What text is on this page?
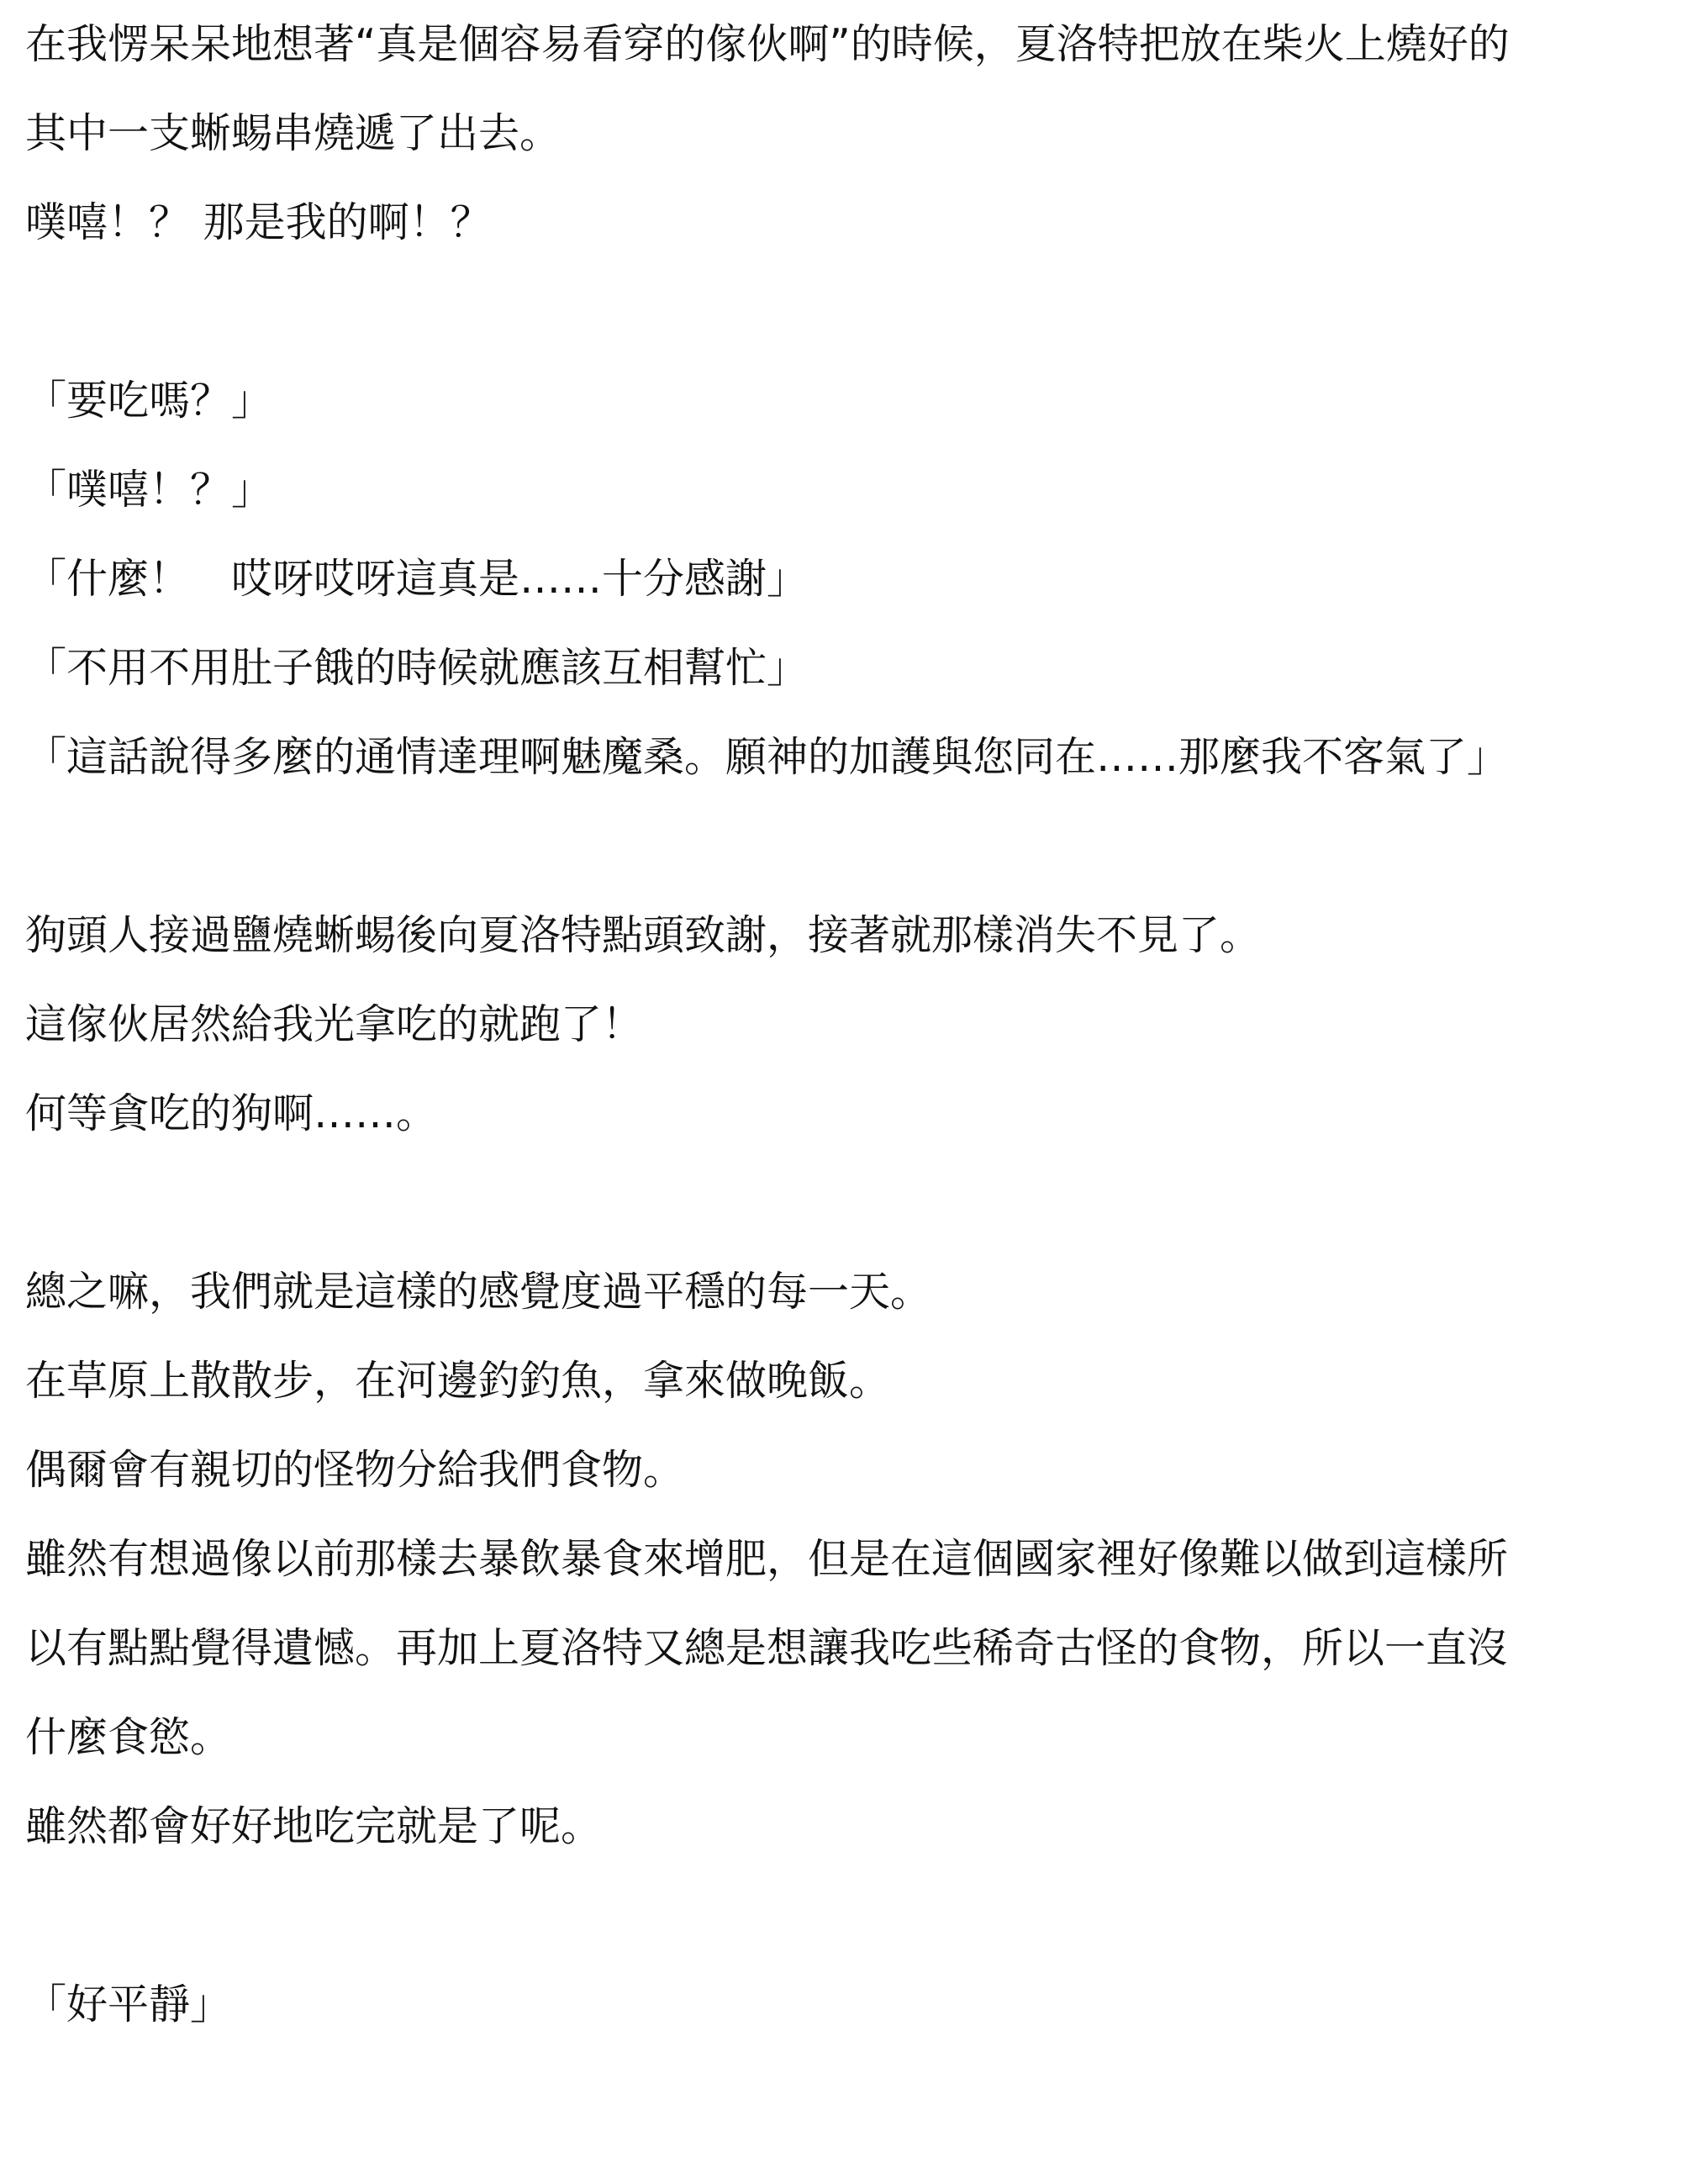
在我愣呆呆地想著“真是個容易看穿的傢伙啊”的時候，夏洛特把放在柴火上燒好的

其中一支蜥蜴串燒遞了出去。

噗嘻！？ 那是我的啊！？

「要吃嗎？」

「噗嘻！？」

「什麼！　哎呀哎呀這真是……十分感謝」

「不用不用肚子餓的時候就應該互相幫忙」

「這話說得多麼的通情達理啊魅魔桑。願神的加護與您同在……那麼我不客氣了」

狗頭人接過鹽燒蜥蜴後向夏洛特點頭致謝，接著就那樣消失不見了。

這傢伙居然給我光拿吃的就跑了！

何等貪吃的狗啊……。

總之嘛，我們就是這樣的感覺度過平穩的每一天。

在草原上散散步，在河邊釣釣魚，拿來做晚飯。

偶爾會有親切的怪物分給我們食物。

雖然有想過像以前那樣去暴飲暴食來增肥，但是在這個國家裡好像難以做到這樣所

以有點點覺得遺憾。再加上夏洛特又總是想讓我吃些稀奇古怪的食物，所以一直沒

什麼食慾。

雖然都會好好地吃完就是了呢。

「好平靜」
